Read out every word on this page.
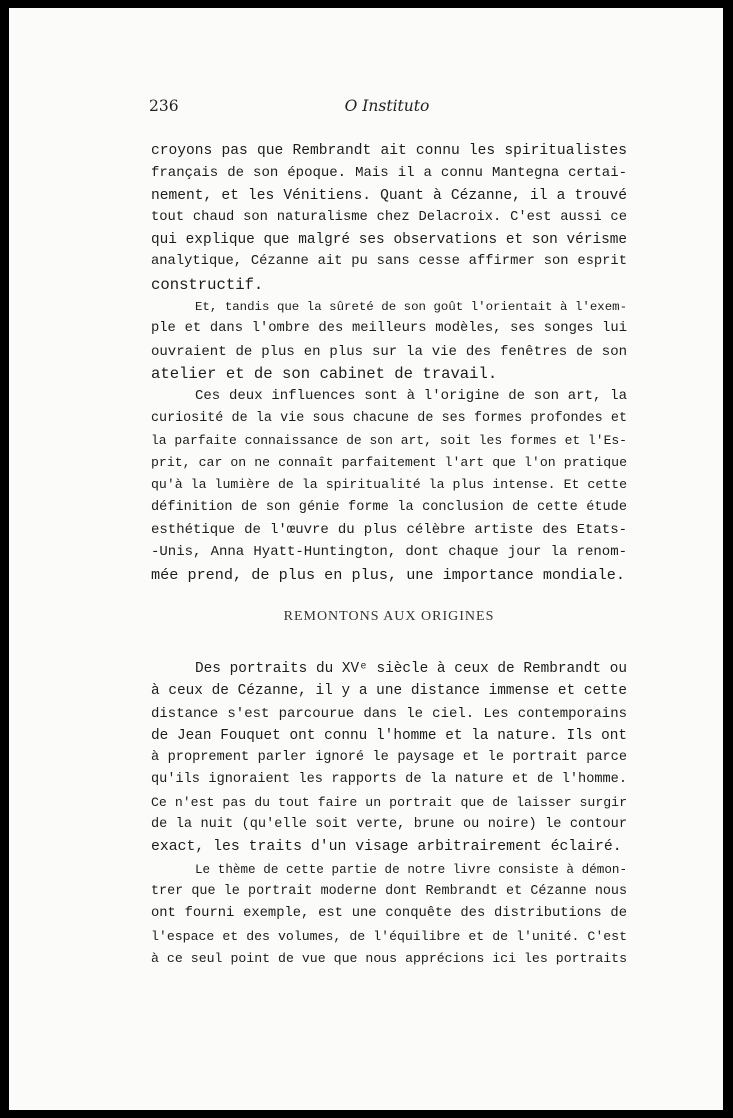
236	O Instituto
croyons pas que Rembrandt ait connu les spiritualistes
français de son époque. Mais il a connu Mantegna certai-
nement, et les Vénitiens. Quant à Cézanne, il a trouvé
tout chaud son naturalisme chez Delacroix. C'est aussi ce
qui explique que malgré ses observations et son vérisme
analytique, Cézanne ait pu sans cesse affirmer son esprit
constructif.
Et, tandis que la sûreté de son goût l'orientait à l'exem-
ple et dans l'ombre des meilleurs modèles, ses songes lui
ouvraient de plus en plus sur la vie des fenêtres de son
atelier et de son cabinet de travail.
Ces deux influences sont à l'origine de son art, la
curiosité de la vie sous chacune de ses formes profondes et
la parfaite connaissance de son art, soit les formes et l'Es-
prit, car on ne connaît parfaitement l'art que l'on pratique
qu'à la lumière de la spiritualité la plus intense. Et cette
définition de son génie forme la conclusion de cette étude
esthétique de l'œuvre du plus célèbre artiste des Etats-
-Unis, Anna Hyatt-Huntington, dont chaque jour la renom-
mée prend, de plus en plus, une importance mondiale.
REMONTONS AUX ORIGINES
Des portraits du XVᵉ siècle à ceux de Rembrandt ou
à ceux de Cézanne, il y a une distance immense et cette
distance s'est parcourue dans le ciel. Les contemporains
de Jean Fouquet ont connu l'homme et la nature. Ils ont
à proprement parler ignoré le paysage et le portrait parce
qu'ils ignoraient les rapports de la nature et de l'homme.
Ce n'est pas du tout faire un portrait que de laisser surgir
de la nuit (qu'elle soit verte, brune ou noire) le contour
exact, les traits d'un visage arbitrairement éclairé.
Le thème de cette partie de notre livre consiste à démon-
trer que le portrait moderne dont Rembrandt et Cézanne nous
ont fourni exemple, est une conquête des distributions de
l'espace et des volumes, de l'équilibre et de l'unité. C'est
à ce seul point de vue que nous apprécions ici les portraits
